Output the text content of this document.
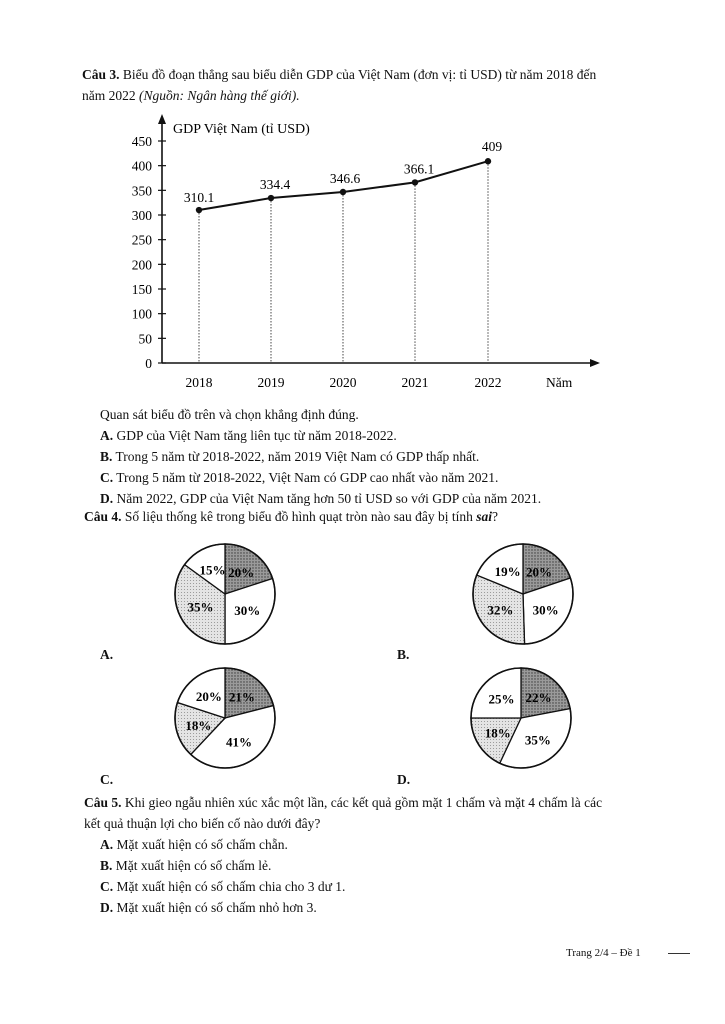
Câu 3. Biểu đồ đoạn thẳng sau biểu diễn GDP của Việt Nam (đơn vị: tỉ USD) từ năm 2018 đến
năm 2022 (Nguồn: Ngân hàng thế giới).
0
50
100
150
200
250
300
350
400
450
2018	2019	2020	2021	2022
310.1
334.4	346.6
366.1
409
GDP Việt Nam (tỉ USD)
Năm
Quan sát biểu đồ trên và chọn khẳng định đúng.
A. GDP của Việt Nam tăng liên tục từ năm 2018-2022.
B. Trong 5 năm từ 2018-2022, năm 2019 Việt Nam có GDP thấp nhất.
C. Trong 5 năm từ 2018-2022, Việt Nam có GDP cao nhất vào năm 2021.
D. Năm 2022, GDP của Việt Nam tăng hơn 50 tỉ USD so với GDP của năm 2021.
Câu 4. Số liệu thống kê trong biểu đồ hình quạt tròn nào sau đây bị tính sai?
20%
30%
35%
15%	20%
30%
32%
19%
21%
41%
18%
20%	22%
35%
18%
25%
A.	B.
C.	D.
Câu 5. Khi gieo ngẫu nhiên xúc xắc một lần, các kết quả gồm mặt 1 chấm và mặt 4 chấm là các
kết quả thuận lợi cho biến cố nào dưới đây?
A. Mặt xuất hiện có số chấm chẵn.
B. Mặt xuất hiện có số chấm lẻ.
C. Mặt xuất hiện có số chấm chia cho 3 dư 1.
D. Mặt xuất hiện có số chấm nhỏ hơn 3.
Trang 2/4 – Đề 1
